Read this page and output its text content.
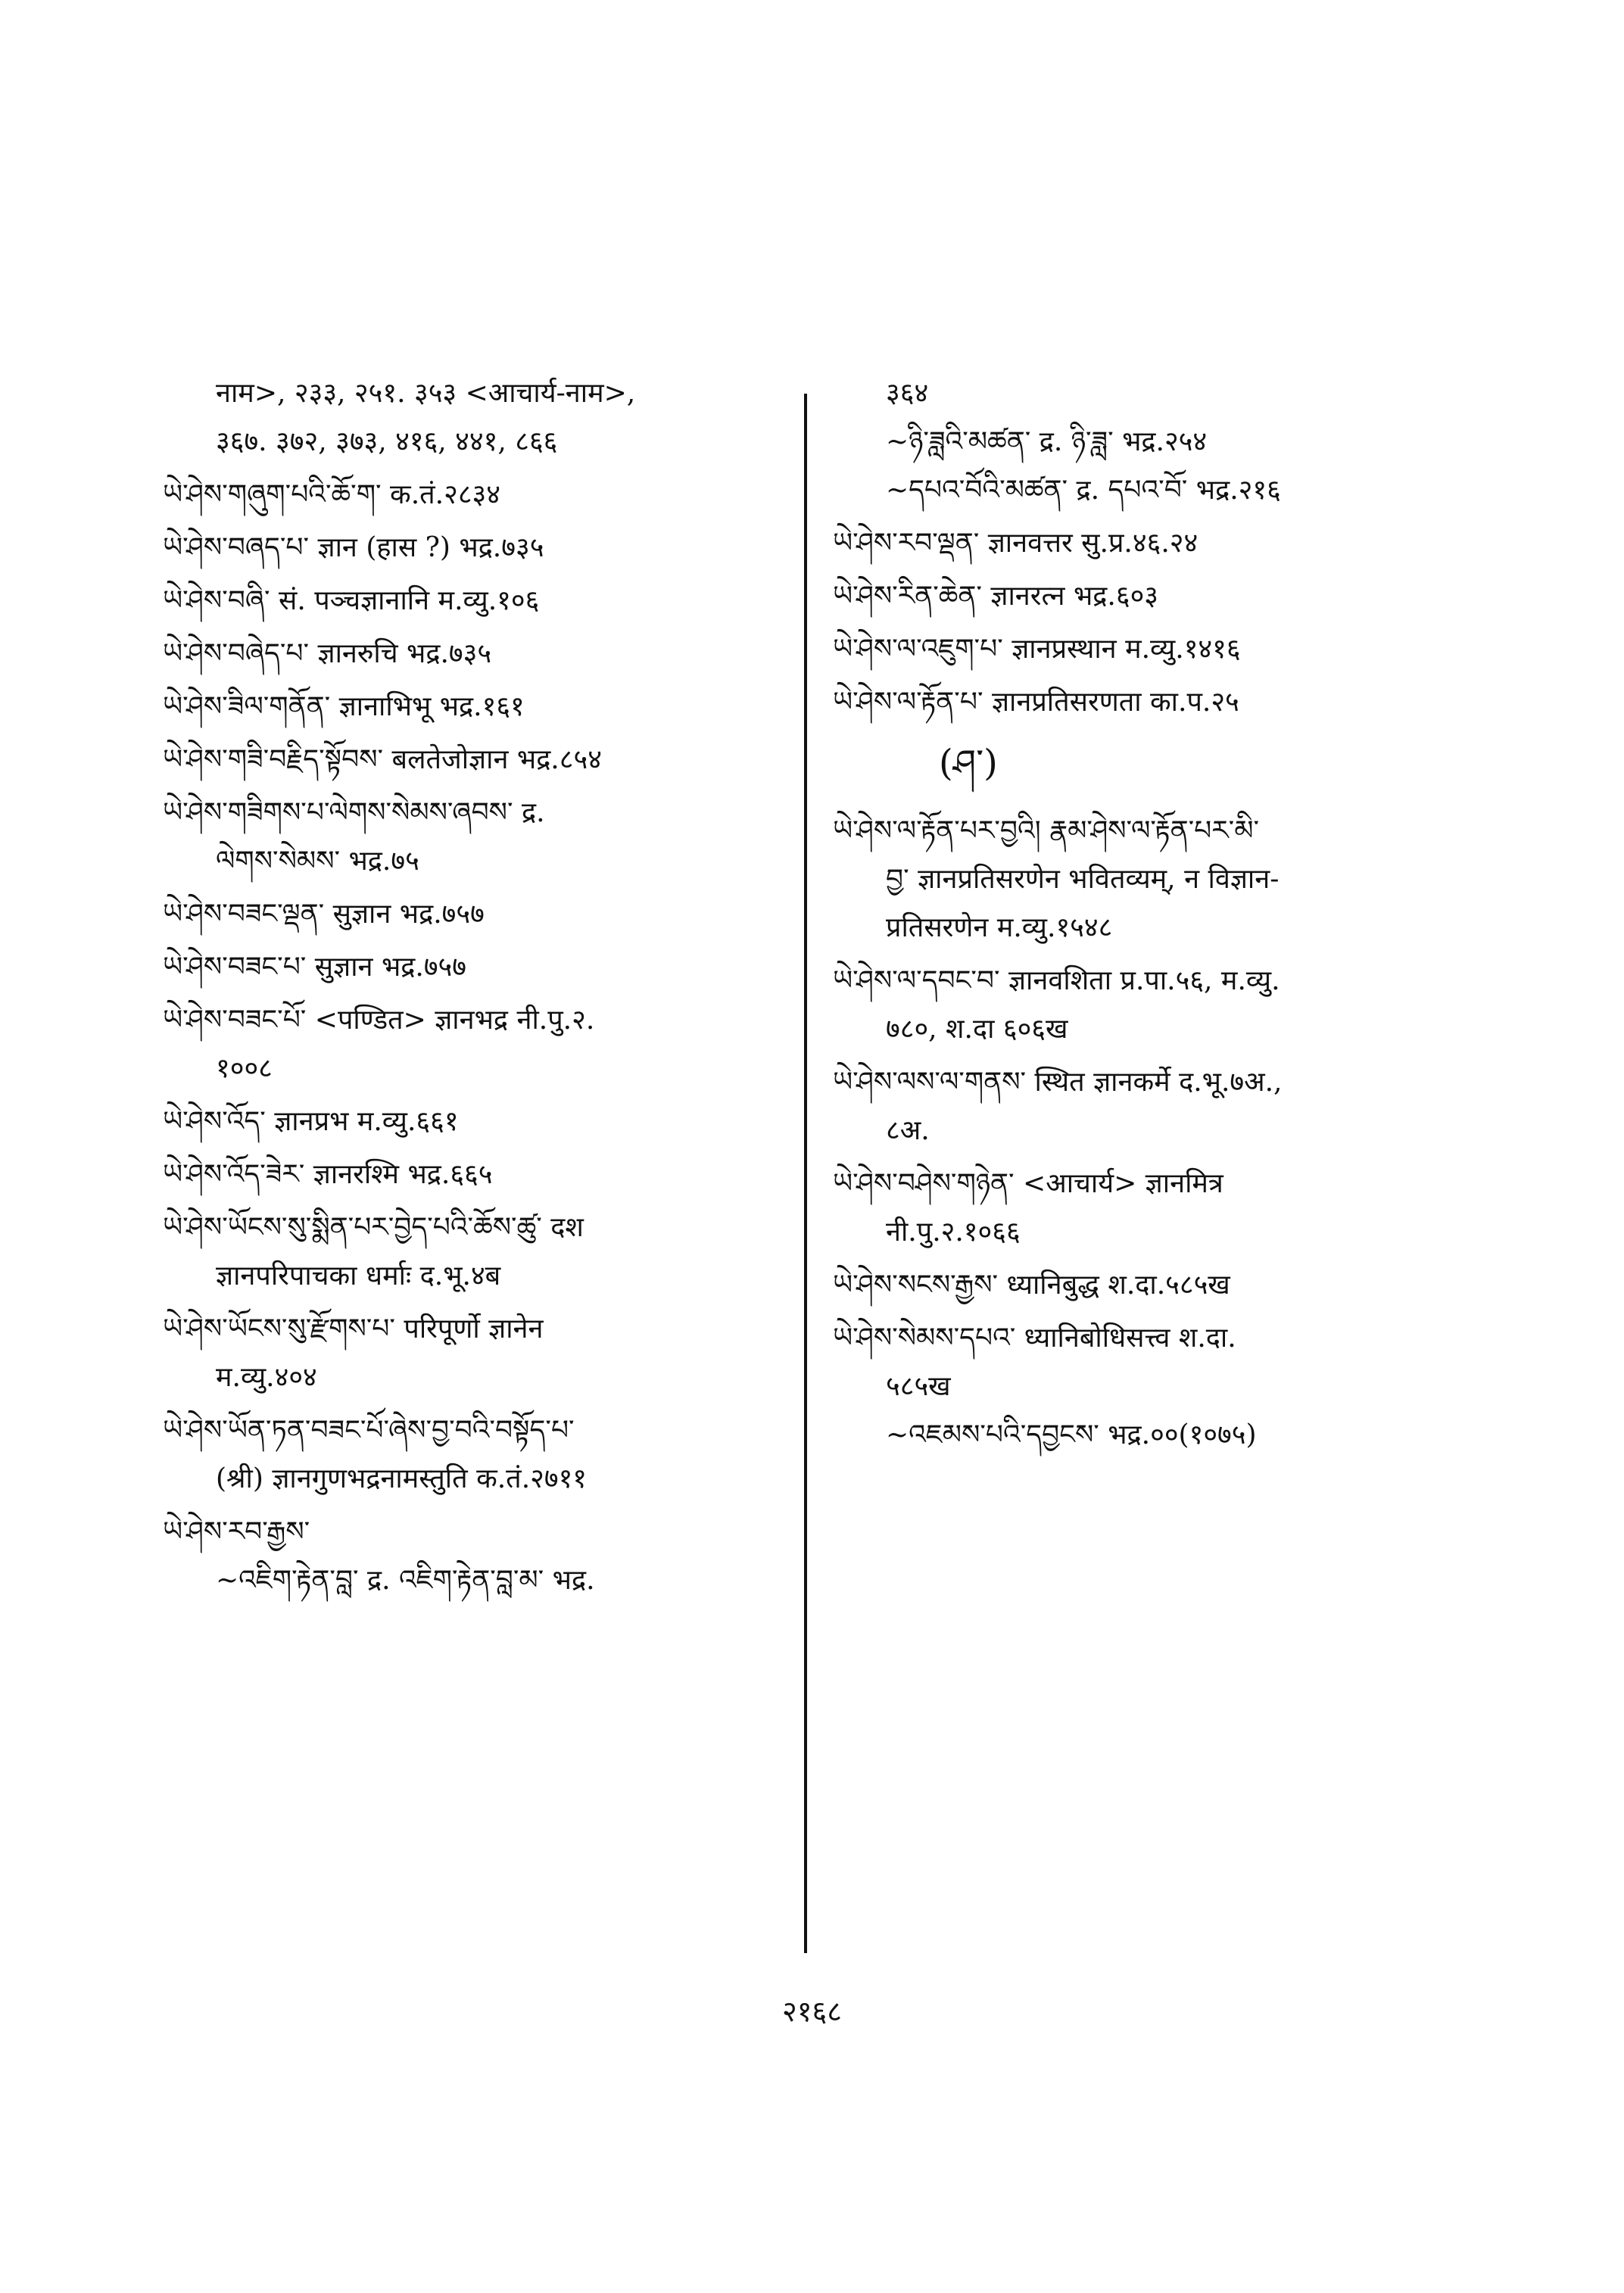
नाम>, २३३, २५१. ३५३ <आचार्य-नाम>,
३६७. ३७२, ३७३, ४१६, ४४१, ८६६
ཡེ་ཤེས་གཞུག་པའི་ཆོ་ག་ क.तं.२८३४
ཡེ་ཤེས་བཞད་པ་ ज्ञान (हास ?) भद्र.७३५
ཡེ་ཤེས་བཞི་ सं. पञ्चज्ञानानि म.व्यु.१०६
ཡེ་ཤེས་བཞེད་པ་ ज्ञानरुचि भद्र.७३५
ཡེ་ཤེས་ཟིལ་གནོན་ ज्ञानाभिभू भद्र.१६१
ཡེ་ཤེས་གཟི་བརྗིད་སྟོབས་ बलतेजोज्ञान भद्र.८५४
ཡེ་ཤེས་གཟིགས་པ་ལེགས་སེམས་ཞབས་ द्र.
ལེགས་སེམས་ भद्र.७५
ཡེ་ཤེས་བཟང་ལྡན་ सुज्ञान भद्र.७५७
ཡེ་ཤེས་བཟང་པ་ सुज्ञान भद्र.७५७
ཡེ་ཤེས་བཟང་པོ་ <पण्डित> ज्ञानभद्र नी.पु.२.
१००८
ཡེ་ཤེས་འོད་ ज्ञानप्रभ म.व्यु.६६१
ཡེ་ཤེས་འོད་ཟེར་ ज्ञानरश्मि भद्र.६६५
ཡེ་ཤེས་ཡོངས་སུ་སྨིན་པར་བྱེད་པའི་ཆོས་ཚུ་ दश
ज्ञानपरिपाचका धर्माः द.भू.४ब
ཡེ་ཤེས་ཡོངས་སུ་རྫོགས་པ་ परिपूर्णो ज्ञानेन
म.व्यु.४०४
ཡེ་ཤེས་ཡོན་ཏན་བཟང་པོ་ཞེས་བྱ་བའི་བསྟོད་པ་
(श्री) ज्ञानगुणभद्रनामस्तुति क.तं.२७११
ཡེ་ཤེས་རབ་རྒྱས་
~འཇིག་རྟེན་བླ་ द्र. འཇིག་རྟེན་བླ་མ་ भद्र.
३६४
~ཉི་ཟླའི་མཚན་ द्र. ཉི་ཟླ་ भद्र.२५४
~དཔའ་བོའི་མཚན་ द्र. དཔའ་བོ་ भद्र.२१६
ཡེ་ཤེས་རབ་ལྡན་ ज्ञानवत्तर सु.प्र.४६.२४
ཡེ་ཤེས་རིན་ཆེན་ ज्ञानरत्न भद्र.६०३
ཡེ་ཤེས་ལ་འཇུག་པ་ ज्ञानप्रस्थान म.व्यु.१४१६
ཡེ་ཤེས་ལ་རྟོན་པ་ ज्ञानप्रतिसरणता का.प.२५
(ཤ་)
ཡེ་ཤེས་ལ་རྟོན་པར་བྱའི། རྣམ་ཤེས་ལ་རྟོན་པར་མི་
བྱ་ ज्ञानप्रतिसरणेन भवितव्यम्, न विज्ञान-
प्रतिसरणेन म.व्यु.१५४८
ཡེ་ཤེས་ལ་དབང་བ་ ज्ञानवशिता प्र.पा.५६, म.व्यु.
७८०, श.दा ६०६ख
ཡེ་ཤེས་ལས་ལ་གནས་ स्थित ज्ञानकर्मे द.भू.७अ.,
८अ.
ཡེ་ཤེས་བཤེས་གཉེན་ <आचार्य> ज्ञानमित्र
नी.पु.२.१०६६
ཡེ་ཤེས་སངས་རྒྱས་ ध्यानिबुद्ध श.दा.५८५ख
ཡེ་ཤེས་སེམས་དཔའ་ ध्यानिबोधिसत्त्व श.दा.
५८५ख
~འཇམས་པའི་དབྱངས་ भद्र.००(१०७५)
२१६८
